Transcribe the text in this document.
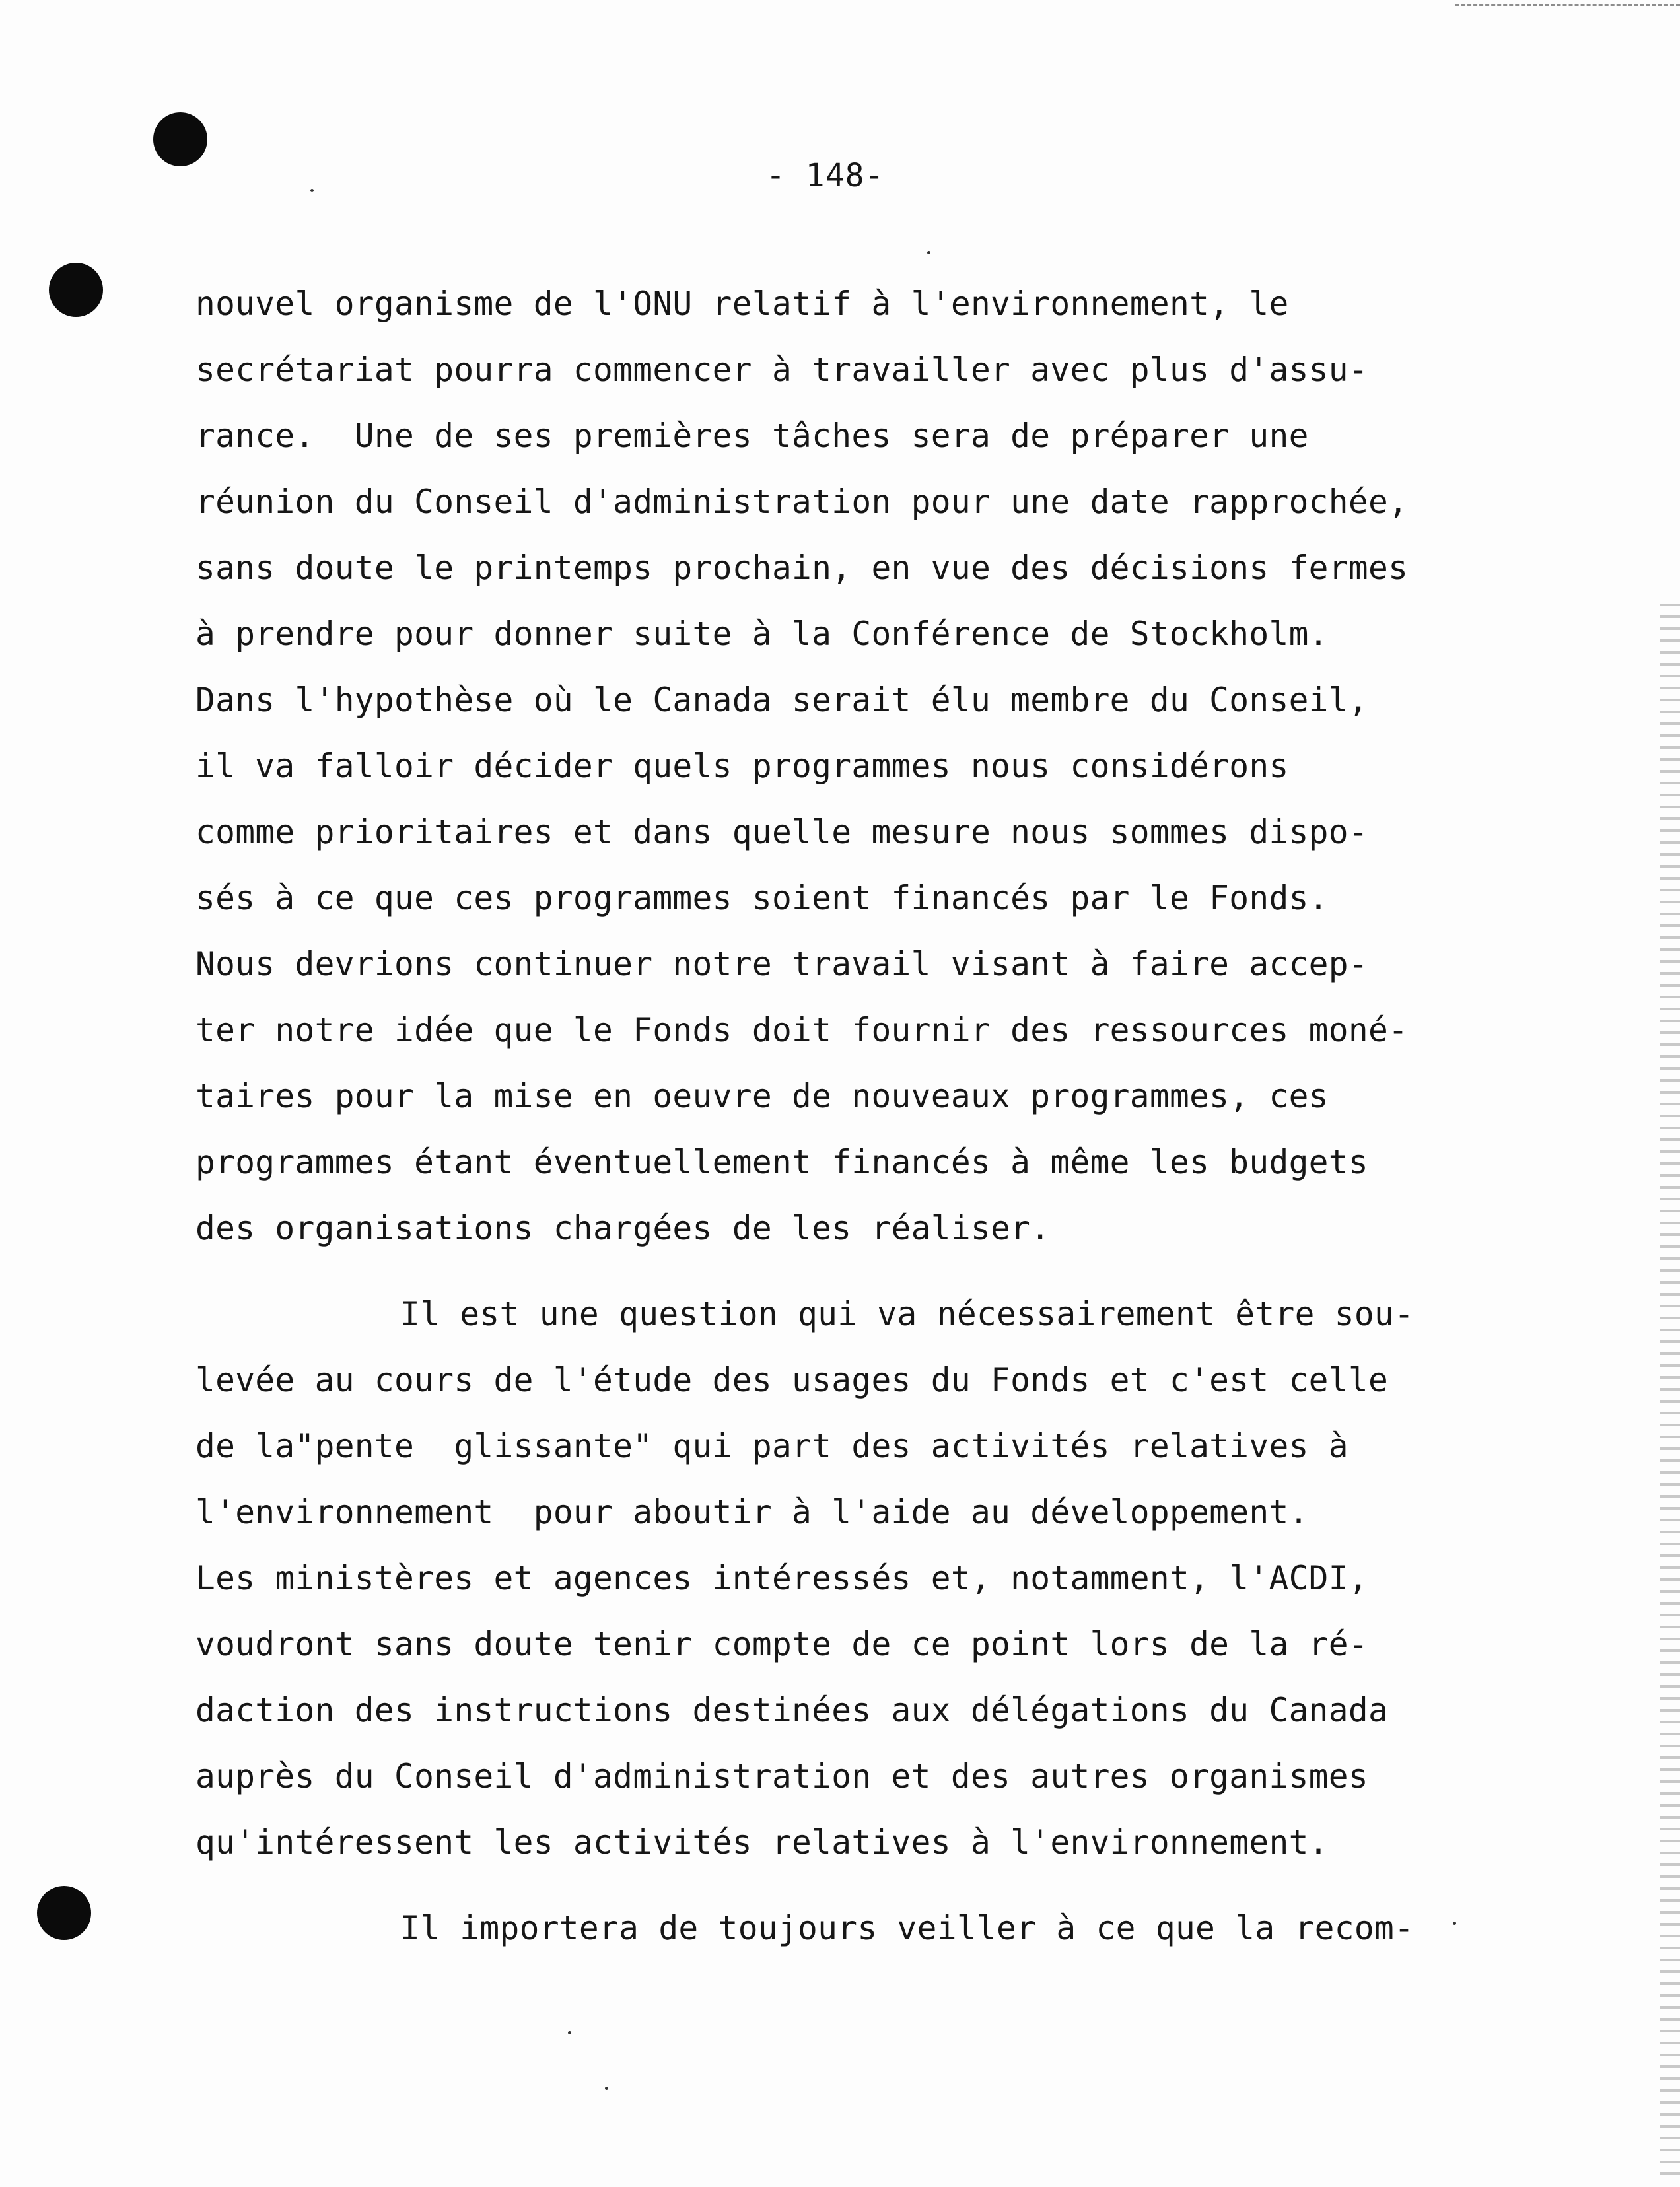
- 148-
nouvel organisme de l'ONU relatif à l'environnement, le
secrétariat pourra commencer à travailler avec plus d'assu-
rance.  Une de ses premières tâches sera de préparer une
réunion du Conseil d'administration pour une date rapprochée,
sans doute le printemps prochain, en vue des décisions fermes
à prendre pour donner suite à la Conférence de Stockholm.
Dans l'hypothèse où le Canada serait élu membre du Conseil,
il va falloir décider quels programmes nous considérons
comme prioritaires et dans quelle mesure nous sommes dispo-
sés à ce que ces programmes soient financés par le Fonds.
Nous devrions continuer notre travail visant à faire accep-
ter notre idée que le Fonds doit fournir des ressources moné-
taires pour la mise en oeuvre de nouveaux programmes, ces
programmes étant éventuellement financés à même les budgets
des organisations chargées de les réaliser.
Il est une question qui va nécessairement être sou-
levée au cours de l'étude des usages du Fonds et c'est celle
de la"pente  glissante" qui part des activités relatives à
l'environnement  pour aboutir à l'aide au développement.
Les ministères et agences intéressés et, notamment, l'ACDI,
voudront sans doute tenir compte de ce point lors de la ré-
daction des instructions destinées aux délégations du Canada
auprès du Conseil d'administration et des autres organismes
qu'intéressent les activités relatives à l'environnement.
Il importera de toujours veiller à ce que la recom-
